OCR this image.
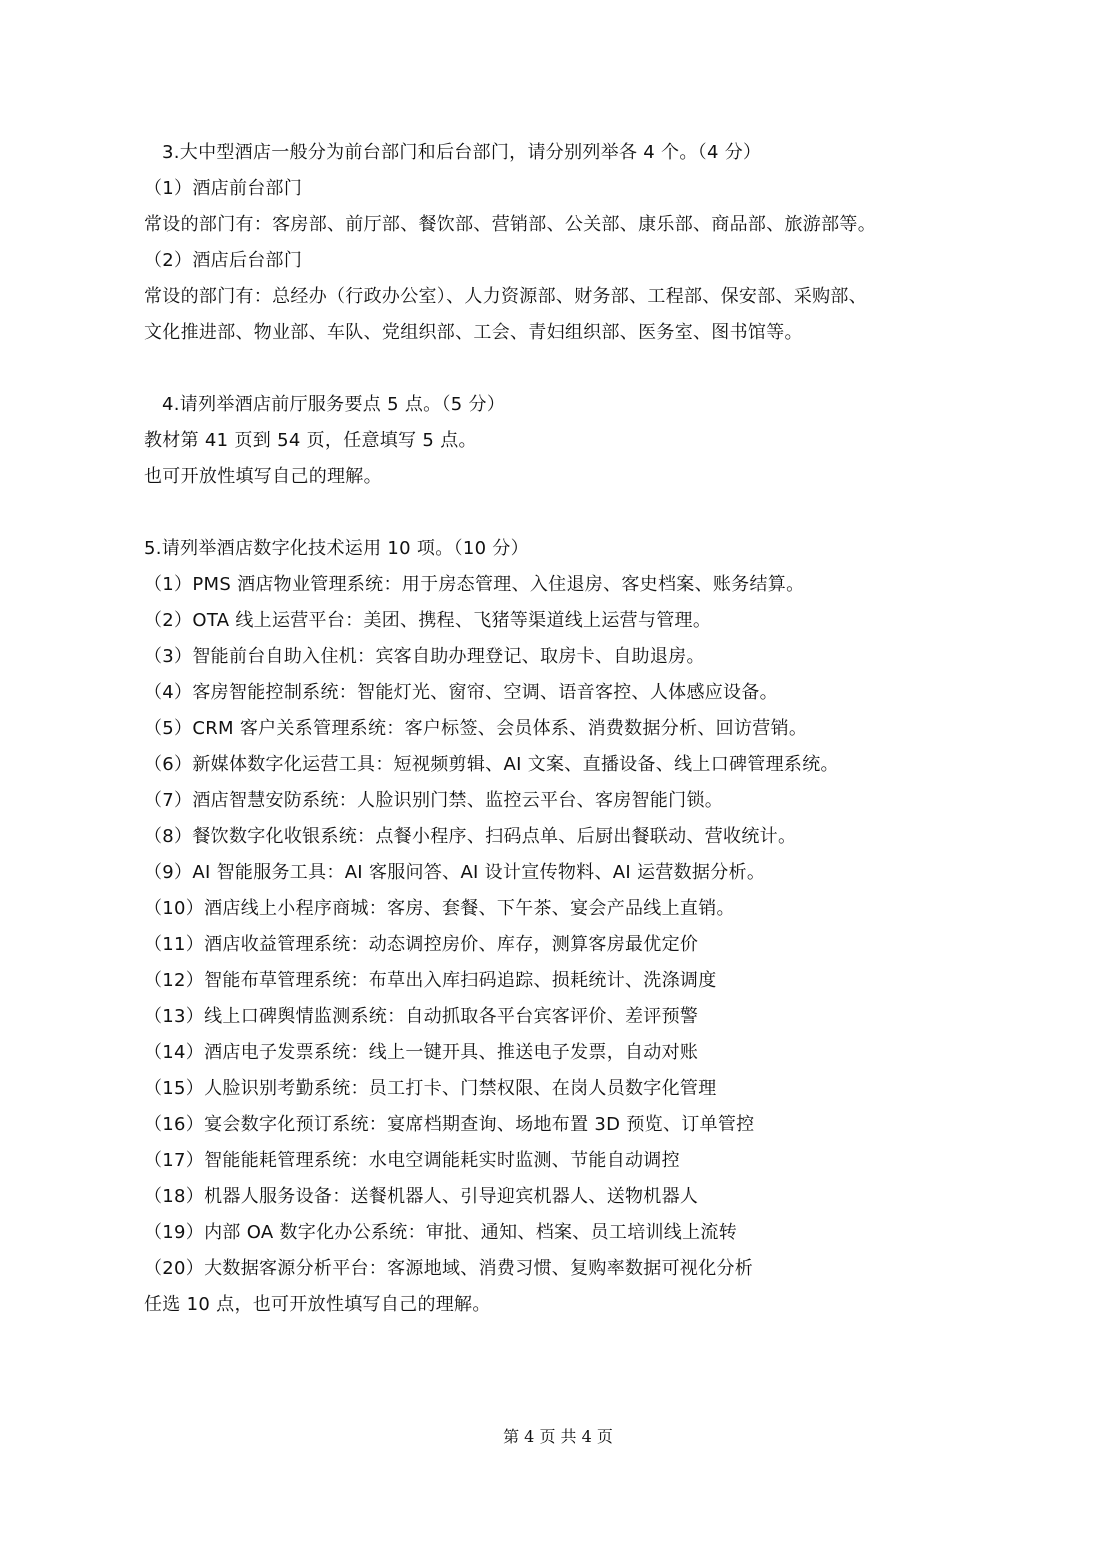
3.大中型酒店一般分为前台部门和后台部门，请分别列举各 4 个。（4 分）
（1）酒店前台部门
常设的部门有：客房部、前厅部、餐饮部、营销部、公关部、康乐部、商品部、旅游部等。
（2）酒店后台部门
常设的部门有：总经办（行政办公室）、人力资源部、财务部、工程部、保安部、采购部、
文化推进部、物业部、车队、党组织部、工会、青妇组织部、医务室、图书馆等。
4.请列举酒店前厅服务要点 5 点。（5 分）
教材第 41 页到 54 页，任意填写 5 点。
也可开放性填写自己的理解。
5.请列举酒店数字化技术运用 10 项。（10 分）
（1）PMS 酒店物业管理系统：用于房态管理、入住退房、客史档案、账务结算。
（2）OTA 线上运营平台：美团、携程、飞猪等渠道线上运营与管理。
（3）智能前台自助入住机：宾客自助办理登记、取房卡、自助退房。
（4）客房智能控制系统：智能灯光、窗帘、空调、语音客控、人体感应设备。
（5）CRM 客户关系管理系统：客户标签、会员体系、消费数据分析、回访营销。
（6）新媒体数字化运营工具：短视频剪辑、AI 文案、直播设备、线上口碑管理系统。
（7）酒店智慧安防系统：人脸识别门禁、监控云平台、客房智能门锁。
（8）餐饮数字化收银系统：点餐小程序、扫码点单、后厨出餐联动、营收统计。
（9）AI 智能服务工具：AI 客服问答、AI 设计宣传物料、AI 运营数据分析。
（10）酒店线上小程序商城：客房、套餐、下午茶、宴会产品线上直销。
（11）酒店收益管理系统：动态调控房价、库存，测算客房最优定价
（12）智能布草管理系统：布草出入库扫码追踪、损耗统计、洗涤调度
（13）线上口碑舆情监测系统：自动抓取各平台宾客评价、差评预警
（14）酒店电子发票系统：线上一键开具、推送电子发票，自动对账
（15）人脸识别考勤系统：员工打卡、门禁权限、在岗人员数字化管理
（16）宴会数字化预订系统：宴席档期查询、场地布置 3D 预览、订单管控
（17）智能能耗管理系统：水电空调能耗实时监测、节能自动调控
（18）机器人服务设备：送餐机器人、引导迎宾机器人、送物机器人
（19）内部 OA 数字化办公系统：审批、通知、档案、员工培训线上流转
（20）大数据客源分析平台：客源地域、消费习惯、复购率数据可视化分析
任选 10 点，也可开放性填写自己的理解。
第 4 页 共 4 页
